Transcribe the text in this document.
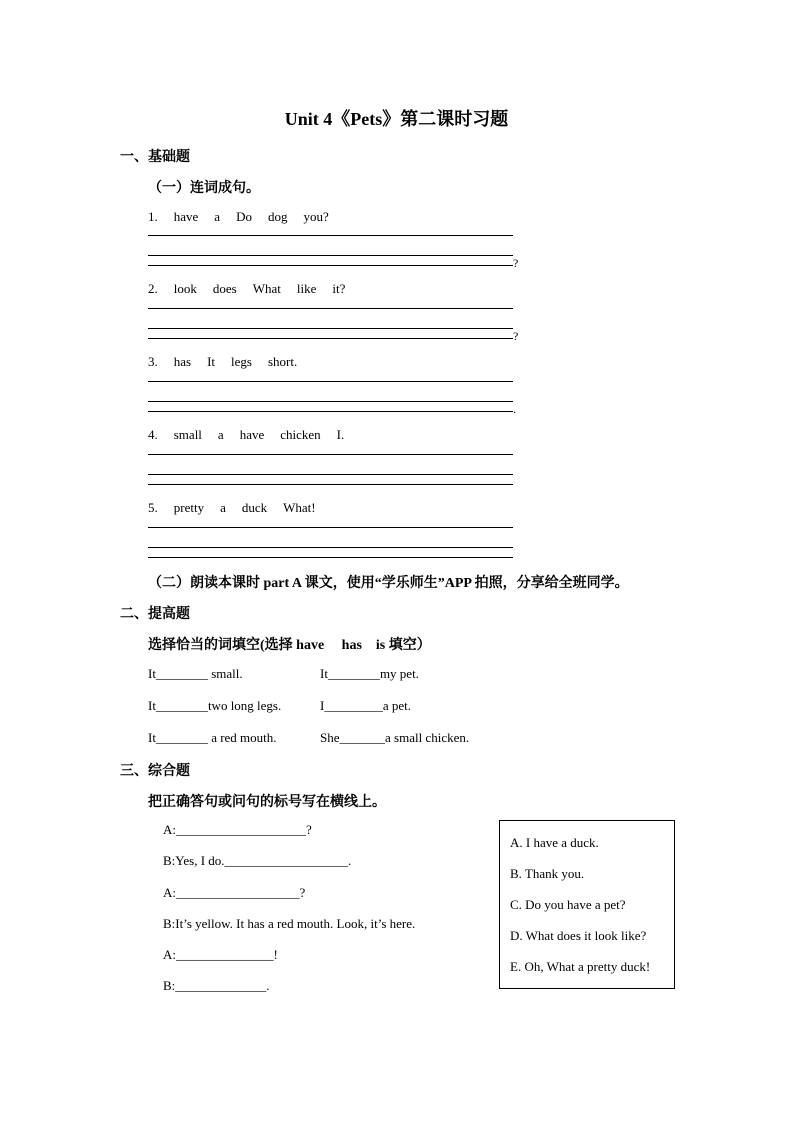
Unit 4《Pets》第二课时习题
一、基础题
（一）连词成句。
1. have a Do dog you?
?
2. look does What like it?
?
3. has It legs short.
.
4. small a have chicken I.
5. pretty a duck What!
（二）朗读本课时 part A 课文，使用“学乐师生”APP 拍照，分享给全班同学。
二、提高题
选择恰当的词填空(选择 have　 has　is 填空）
It________ small.	It________my pet.
It________two long legs.	I_________a pet.
It________ a red mouth.	She_______a small chicken.
三、综合题
把正确答句或问句的标号写在横线上。
A:____________________?
B:Yes, I do.___________________.
A:___________________?
B:It’s yellow. It has a red mouth. Look, it’s here.
A:_______________!
B:______________.
A. I have a duck.
B. Thank you.
C. Do you have a pet?
D. What does it look like?
E. Oh, What a pretty duck!
